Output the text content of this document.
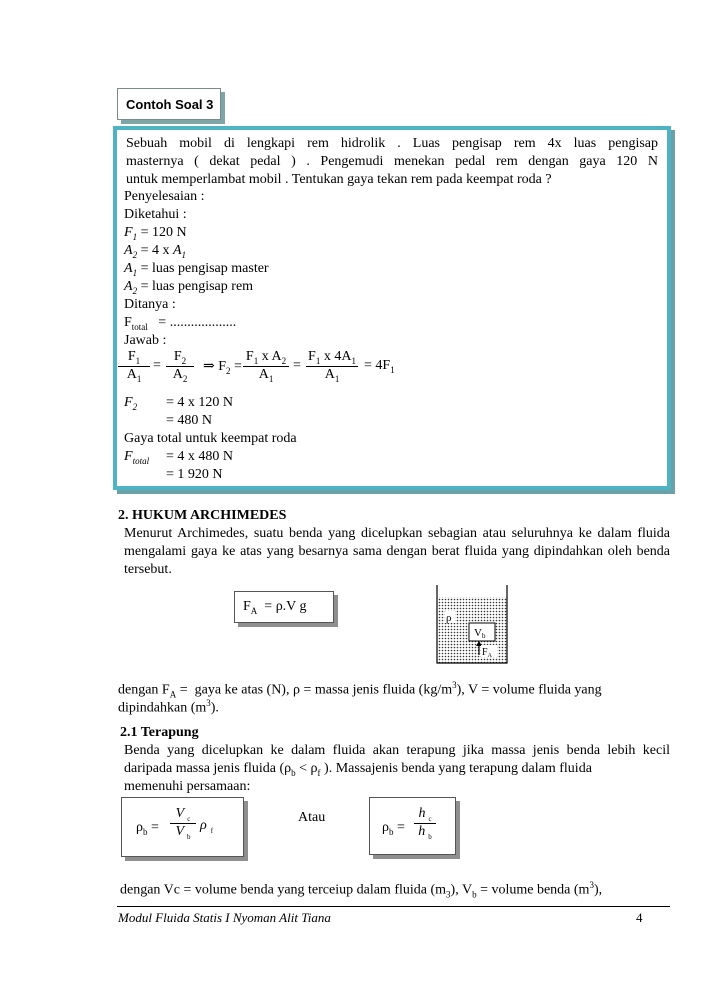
Contoh Soal 3
Sebuah mobil di lengkapi rem hidrolik . Luas pengisap rem 4x luas pengisap
masternya ( dekat pedal ) . Pengemudi menekan pedal rem dengan gaya 120 N
untuk memperlambat mobil . Tentukan gaya tekan rem pada keempat roda ?
Penyelesaian :
Diketahui :
$F_1 = 120$ N
$A_2 = 4$ x $A_1$
$A_1$ = luas pengisap master
$A_2$ = luas pengisap rem
Ditanya :
$F_{total}$ = ...................
Jawab :
$F_1$
$A_1$
=
$F_2$
$A_2$
⇒ $F_2$ =
$F_1$ x $A_2$
$A_1$
=
$F_1$ x $4A_1$
$A_1$
= $4F_1$
$F_2 = 4$ x 120 N
= 480 N
Gaya total untuk keempat roda
$F_{total} = 4$ x 480 N
= 1 920 N
2. HUKUM ARCHIMEDES
Menurut Archimedes, suatu benda yang dicelupkan sebagian atau seluruhnya ke dalam fluida
mengalami gaya ke atas yang besarnya sama dengan berat fluida yang dipindahkan oleh benda
tersebut.
$F_A = \rho.V$ g
Vb
$F_A$
ρ
dengan $F_A$ =  gaya ke atas (N), ρ = massa jenis fluida $(kg/m^3)$, V = volume fluida yang
dipindahkan $(m^3)$.
2.1 Terapung
Benda yang dicelupkan ke dalam fluida akan terapung jika massa jenis benda lebih kecil
daripada massa jenis fluida ($\rho_b < \rho_f$ ). Massajenis benda yang terapung dalam fluida
memenuhi persamaan:
$\rho_b$ =
V $_c$
V $_b$
ρ $_f$
Atau
$\rho_b$ =
h $_c$
h $_b$
dengan Vc = volume benda yang terceiup dalam fluida $(m_3)$, $V_b$ = volume benda $(m^3)$,
Modul Fluida Statis I Nyoman Alit Tiana	4
